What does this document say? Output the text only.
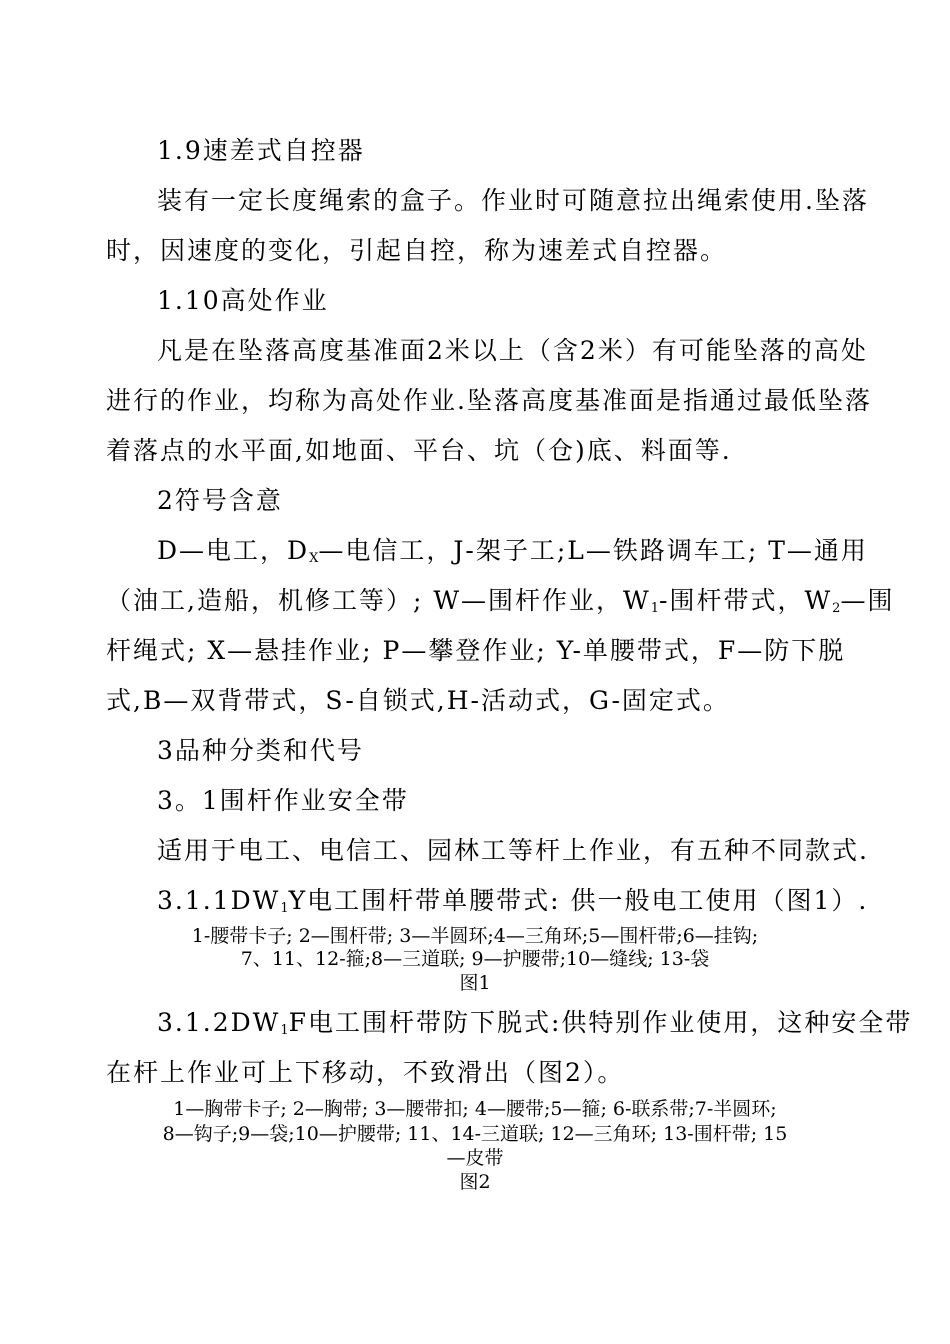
1.9速差式自控器
装有一定长度绳索的盒子。作业时可随意拉出绳索使用.坠落
时，因速度的变化，引起自控，称为速差式自控器。
1.10高处作业
凡是在坠落高度基准面2米以上（含2米）有可能坠落的高处
进行的作业，均称为高处作业.坠落高度基准面是指通过最低坠落
着落点的水平面,如地面、平台、坑（仓)底、料面等.
2符号含意
D—电工，$D_X—$电信工，J-架子工;L—铁路调车工; T—通用
（油工,造船，机修工等）; W—围杆作业，$W_1-$围杆带式，$W_2—$围
杆绳式; X—悬挂作业; P—攀登作业; Y-单腰带式，F—防下脱
式,B—双背带式，S-自锁式,H-活动式，G-固定式。
3品种分类和代号
3。1围杆作业安全带
适用于电工、电信工、园林工等杆上作业，有五种不同款式.
$3.1.1DW_1Y$电工围杆带单腰带式: 供一般电工使用（图1）.
1-腰带卡子; 2—围杆带; 3—半圆环;4—三角环;5—围杆带;6—挂钩;
7、11、12-箍;8—三道联; 9—护腰带;10—缝线; 13-袋
图1
$3.1.2DW_1F$电工围杆带防下脱式:供特别作业使用，这种安全带
在杆上作业可上下移动，不致滑出（图2）。
1—胸带卡子; 2—胸带; 3—腰带扣; 4—腰带;5—箍; 6-联系带;7-半圆环;
8—钩子;9—袋;10—护腰带; 11、14-三道联; 12—三角环; 13-围杆带; 15
—皮带
图2
